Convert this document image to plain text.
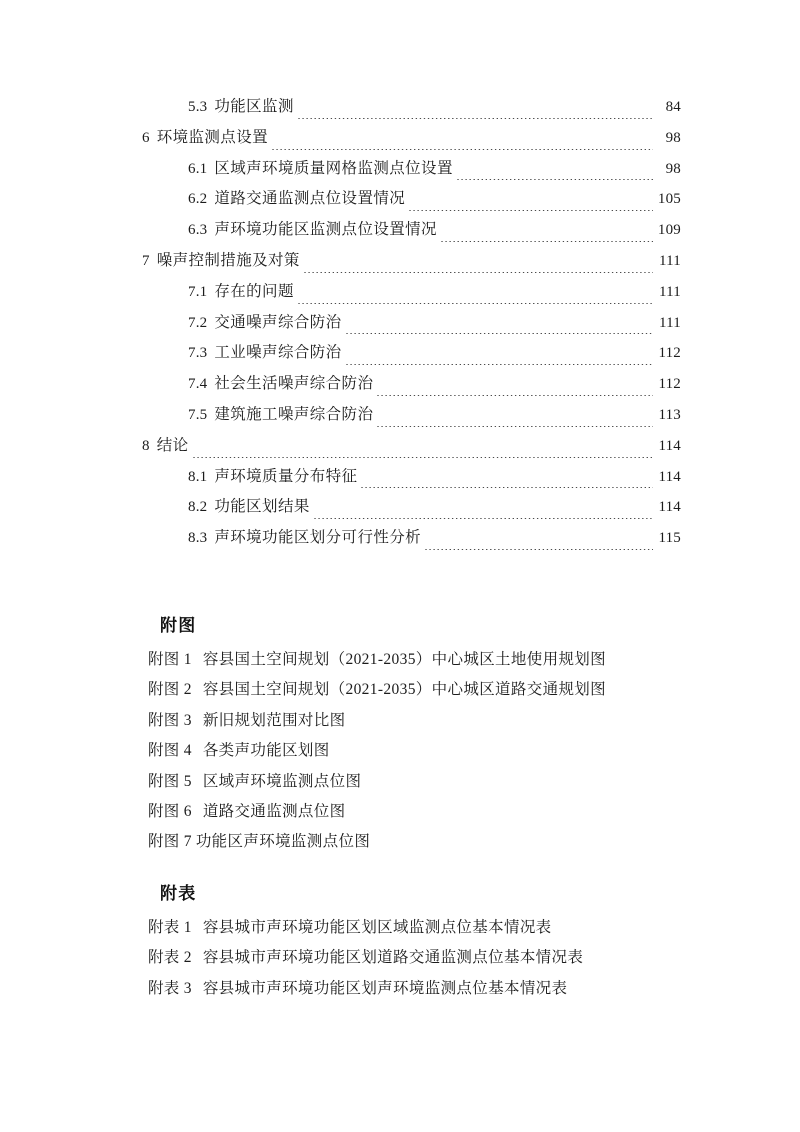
5.3 功能区监测	84
6 环境监测点设置	98
6.1 区域声环境质量网格监测点位设置	98
6.2 道路交通监测点位设置情况	105
6.3 声环境功能区监测点位设置情况	109
7 噪声控制措施及对策	111
7.1 存在的问题	111
7.2 交通噪声综合防治	111
7.3 工业噪声综合防治	112
7.4 社会生活噪声综合防治	112
7.5 建筑施工噪声综合防治	113
8 结论	114
8.1 声环境质量分布特征	114
8.2 功能区划结果	114
8.3 声环境功能区划分可行性分析	115
附图
附图 1 容县国土空间规划（2021-2035）中心城区土地使用规划图
附图 2 容县国土空间规划（2021-2035）中心城区道路交通规划图
附图 3 新旧规划范围对比图
附图 4 各类声功能区划图
附图 5 区域声环境监测点位图
附图 6 道路交通监测点位图
附图 7 功能区声环境监测点位图
附表
附表 1 容县城市声环境功能区划区域监测点位基本情况表
附表 2 容县城市声环境功能区划道路交通监测点位基本情况表
附表 3 容县城市声环境功能区划声环境监测点位基本情况表
